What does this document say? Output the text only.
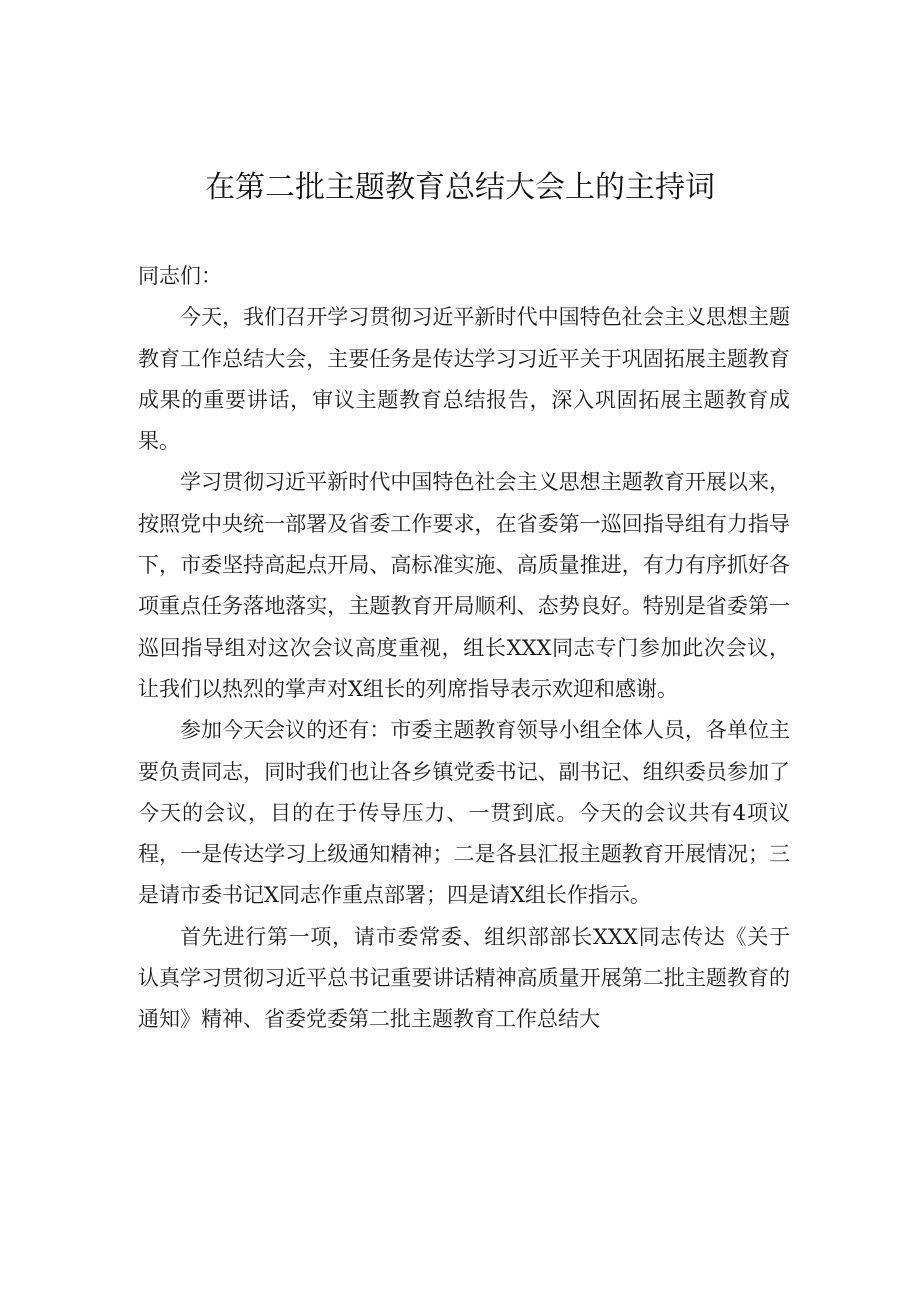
在第二批主题教育总结大会上的主持词

同志们：

今天，我们召开学习贯彻习近平新时代中国特色社会主义思想主题教育工作总结大会，主要任务是传达学习习近平关于巩固拓展主题教育成果的重要讲话，审议主题教育总结报告，深入巩固拓展主题教育成果。

学习贯彻习近平新时代中国特色社会主义思想主题教育开展以来，按照党中央统一部署及省委工作要求，在省委第一巡回指导组有力指导下，市委坚持高起点开局、高标准实施、高质量推进，有力有序抓好各项重点任务落地落实，主题教育开局顺利、态势良好。特别是省委第一巡回指导组对这次会议高度重视，组长XXX同志专门参加此次会议，让我们以热烈的掌声对X组长的列席指导表示欢迎和感谢。

参加今天会议的还有：市委主题教育领导小组全体人员，各单位主要负责同志，同时我们也让各乡镇党委书记、副书记、组织委员参加了今天的会议，目的在于传导压力、一贯到底。今天的会议共有4项议程，一是传达学习上级通知精神；二是各县汇报主题教育开展情况；三是请市委书记X同志作重点部署；四是请X组长作指示。

首先进行第一项，请市委常委、组织部部长XXX同志传达《关于认真学习贯彻习近平总书记重要讲话精神高质量开展第二批主题教育的通知》精神、省委党委第二批主题教育工作总结大
